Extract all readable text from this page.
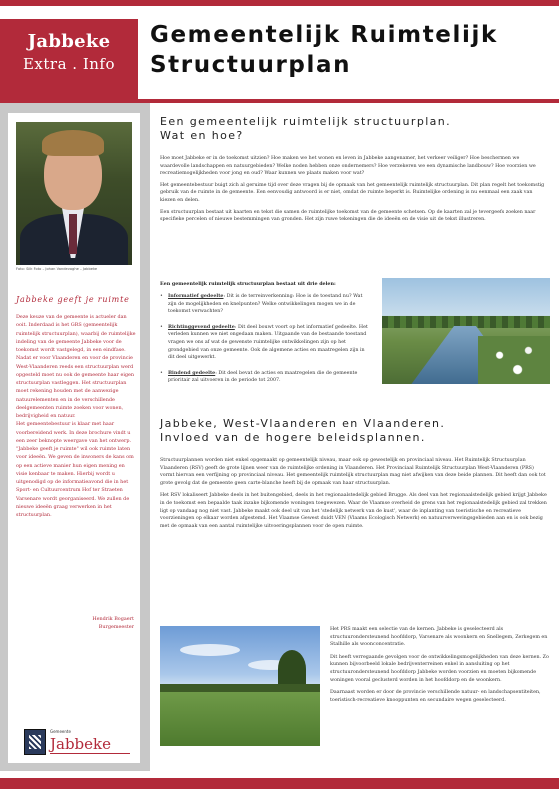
Jabbeke
Extra . Info
Gemeentelijk Ruimtelijk
Structuurplan
Foto: Silk Foto – Johan Vandevoghe – Jabbeke
Jabbeke geeft je ruimte

Deze keuze van de gemeente is actueler dan ooit. Inderdaad is het GRS (gemeentelijk ruimtelijk structuurplan), waarbij de ruimtelijke indeling van de gemeente Jabbeke voor de toekomst wordt vastgelegd, in een eindfase. Nadat er voor Vlaanderen en voor de provincie West-Vlaanderen reeds een structuurplan werd opgesteld moet nu ook de gemeente haar eigen structuurplan vastleggen. Het structuurplan moet rekening houden met de aanwezige natuurelementen en in de verschillende deelgemeenten ruimte zoeken voor wonen, bedrijvigheid en natuur.

Het gemeentebestuur is klaar met haar voorbereidend werk. In deze brochure vindt u een zeer beknopte weergave van het ontwerp.

"Jabbeke geeft je ruimte" wil ook ruimte laten voor ideeën. We geven de inwoners de kans om op een actieve manier hun eigen mening en visie kenbaar te maken. Hierbij wordt u uitgenodigd op de informatieavond die in het Sport- en Cultuurcentrum Hof ter Straeten Varsenare wordt georganiseerd. We zullen de nieuwe ideeën graag verwerken in het structuurplan.

Hendrik Bogaert
Burgemeester
Gemeente
Jabbeke
Een gemeentelijk ruimtelijk structuurplan.
Wat en hoe?

Hoe moet Jabbeke er in de toekomst uitzien? Hoe maken we het wonen en leven in Jabbeke aangenamer, het verkeer veiliger? Hoe beschermen we waardevolle landschappen en natuurgebieden? Welke noden hebben onze ondernemers? Hoe verzekeren we een dynamische landbouw? Hoe voorzien we recreatiemogelijkheden voor jong en oud? Waar kunnen we plaats maken voor wat?

Het gemeentebestuur buigt zich al geruime tijd over deze vragen bij de opmaak van het gemeentelijk ruimtelijk structuurplan. Dit plan regelt het toekomstig gebruik van de ruimte in de gemeente. Een eenvoudig antwoord is er niet, omdat de ruimte beperkt is. Ruimtelijke ordening is nu eenmaal een zaak van kiezen en delen.

Een structuurplan bestaat uit kaarten en tekst die samen de ruimtelijke toekomst van de gemeente schetsen. Op de kaarten zal je tevergeefs zoeken naar specifieke percelen of nieuwe bestemmingen van gronden. Het zijn ruwe tekeningen die de ideeën en de visie uit de tekst illustreren.

Een gemeentelijk ruimtelijk structuurplan bestaat uit drie delen:
• Informatief gedeelte: Dit is de terreinverkenning: Hoe is de toestand nu? Wat zijn de mogelijkheden en knelpunten? Welke ontwikkelingen mogen we in de toekomst verwachten?
• Richtinggevend gedeelte: Dit deel bouwt voort op het informatief gedeelte. Het verleden kunnen we niet ongedaan maken. Uitgaande van de bestaande toestand vragen we ons af wat de gewenste ruimtelijke ontwikkelingen zijn op het grondgebied van onze gemeente. Ook de algemene acties en maatregelen zijn in dit deel uitgewerkt.
• Bindend gedeelte: Dit deel bevat de acties en maatregelen die de gemeente prioritair zal uitvoeren in de periode tot 2007.
Jabbeke, West-Vlaanderen en Vlaanderen.
Invloed van de hogere beleidsplannen.

Structuurplannen worden niet enkel opgemaakt op gemeentelijk niveau, maar ook op gewestelijk en provinciaal niveau. Het Ruimtelijk Structuurplan Vlaanderen (RSV) geeft de grote lijnen weer van de ruimtelijke ordening in Vlaanderen. Het Provinciaal Ruimtelijk Structuurplan West-Vlaanderen (PRS) vormt hiervan een verfijning op provinciaal niveau. Het gemeentelijk ruimtelijk structuurplan mag niet afwijken van deze beide plannen. Dit heeft dan ook tot grote gevolg dat de gemeente geen carte-blanche heeft bij de opmaak van haar structuurplan.

Het RSV lokaliseert Jabbeke deels in het buitengebied, deels in het regionaalstedelijk gebied Brugge. Als deel van het regionaalstedelijk gebied krijgt Jabbeke in de toekomst een bepaalde taak inzake bijkomende woningen toegewezen. Waar de Vlaamse overheid de grens van het regionaalstedelijk gebied zal trekken ligt op vandaag nog niet vast. Jabbeke maakt ook deel uit van het 'stedelijk netwerk van de kust', waar de inplanting van toeristische en recreatieve voorzieningen op elkaar worden afgestemd. Het Vlaamse Gewest duidt VEN (Vlaams Ecologisch Netwerk) en natuurverwevingsgebieden aan en is ook bezig met de opmaak van een aantal ruimtelijke uitvoeringsplannen voor de open ruimte.

Het PRS maakt een selectie van de kernen. Jabbeke is geselecteerd als structuurondersteunend hoofddorp, Varsenare als woonkern en Snellegem, Zerkegem en Stalhille als woonconcentratie.

Dit heeft verregaande gevolgen voor de ontwikkelingsmogelijkheden van deze kernen. Zo kunnen bijvoorbeeld lokale bedrijventerreinen enkel in aansluiting op het structuurondersteunend hoofddorp Jabbeke worden voorzien en moeten bijkomende woningen vooral geclusterd worden in het hoofddorp en de woonkern.

Daarnaast worden er door de provincie verschillende natuur- en landschapsentiteiten, toeristisch-recreatieve knooppunten en secundaire wegen geselecteerd.
